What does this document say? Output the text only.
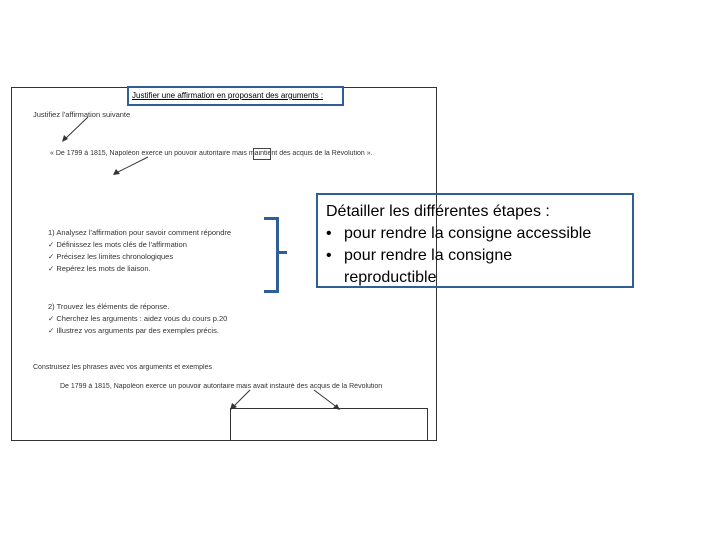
Justifier une affirmation en proposant des arguments :
Justifiez l'affirmation suivante
« De 1799 à 1815, Napoléon exerce un pouvoir autoritaire mais maintient des acquis de la Révolution ».
1) Analysez l'affirmation pour savoir comment répondre
✓ Définissez les mots clés de l'affirmation
✓ Précisez les limites chronologiques
✓ Repérez les mots de liaison.
2) Trouvez les éléments de réponse.
✓ Cherchez les arguments : aidez vous du cours p.20
✓ Illustrez vos arguments par des exemples précis.
Construisez les phrases avec vos arguments et exemples
De 1799 à 1815, Napoléon exerce un pouvoir autoritaire mais avait instauré des acquis de la Révolution
Détailler les différentes étapes :
• pour rendre la consigne accessible
• pour rendre la consigne
reproductible
